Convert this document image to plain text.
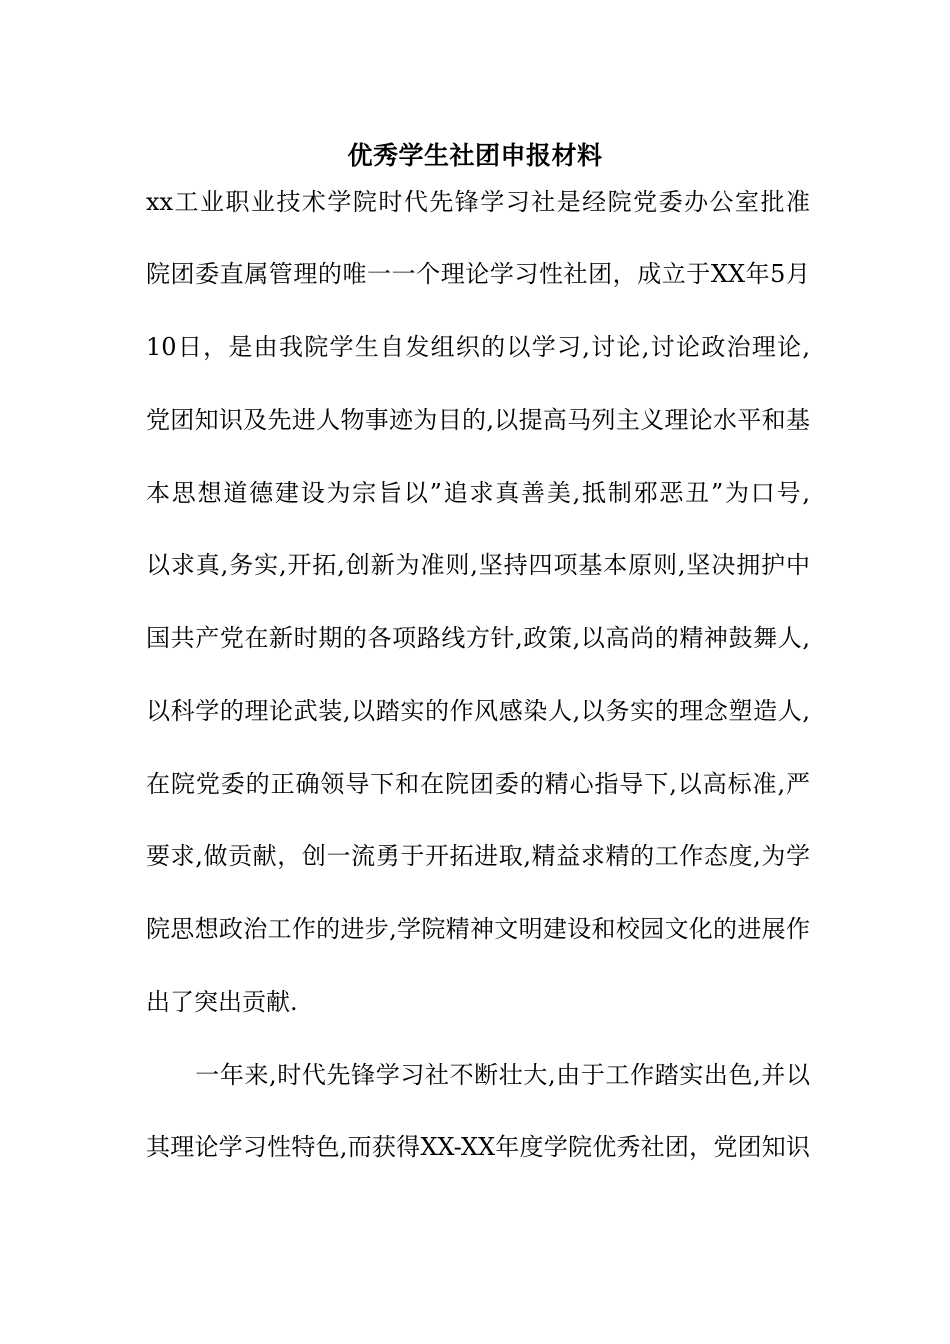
优秀学生社团申报材料
xx工业职业技术学院时代先锋学习社是经院党委办公室批准
院团委直属管理的唯一一个理论学习性社团，成立于XX年5月
10日，是由我院学生自发组织的以学习,讨论,讨论政治理论,
党团知识及先进人物事迹为目的,以提高马列主义理论水平和基
本思想道德建设为宗旨以”追求真善美,抵制邪恶丑”为口号,
以求真,务实,开拓,创新为准则,坚持四项基本原则,坚决拥护中
国共产党在新时期的各项路线方针,政策,以高尚的精神鼓舞人,
以科学的理论武装,以踏实的作风感染人,以务实的理念塑造人,
在院党委的正确领导下和在院团委的精心指导下,以高标准,严
要求,做贡献，创一流勇于开拓进取,精益求精的工作态度,为学
院思想政治工作的进步,学院精神文明建设和校园文化的进展作
出了突出贡献.
　　一年来,时代先锋学习社不断壮大,由于工作踏实出色,并以
其理论学习性特色,而获得XX-XX年度学院优秀社团，党团知识
